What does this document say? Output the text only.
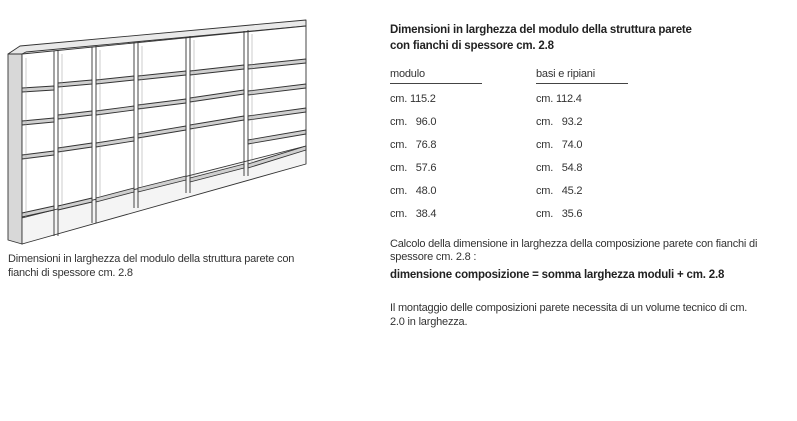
Dimensioni in larghezza del modulo della struttura parete con fianchi di spessore cm. 2.8
Dimensioni in larghezza del modulo della struttura parete
con fianchi di spessore cm. 2.8
modulo	basi e ripiani
cm. 115.2	cm. 112.4
cm.   96.0	cm.   93.2
cm.   76.8	cm.   74.0
cm.   57.6	cm.   54.8
cm.   48.0	cm.   45.2
cm.   38.4	cm.   35.6
Calcolo della dimensione in larghezza della composizione parete con fianchi di spessore cm. 2.8 :
dimensione composizione = somma larghezza moduli + cm. 2.8
Il montaggio delle composizioni parete necessita di un volume tecnico di cm. 2.0 in larghezza.
